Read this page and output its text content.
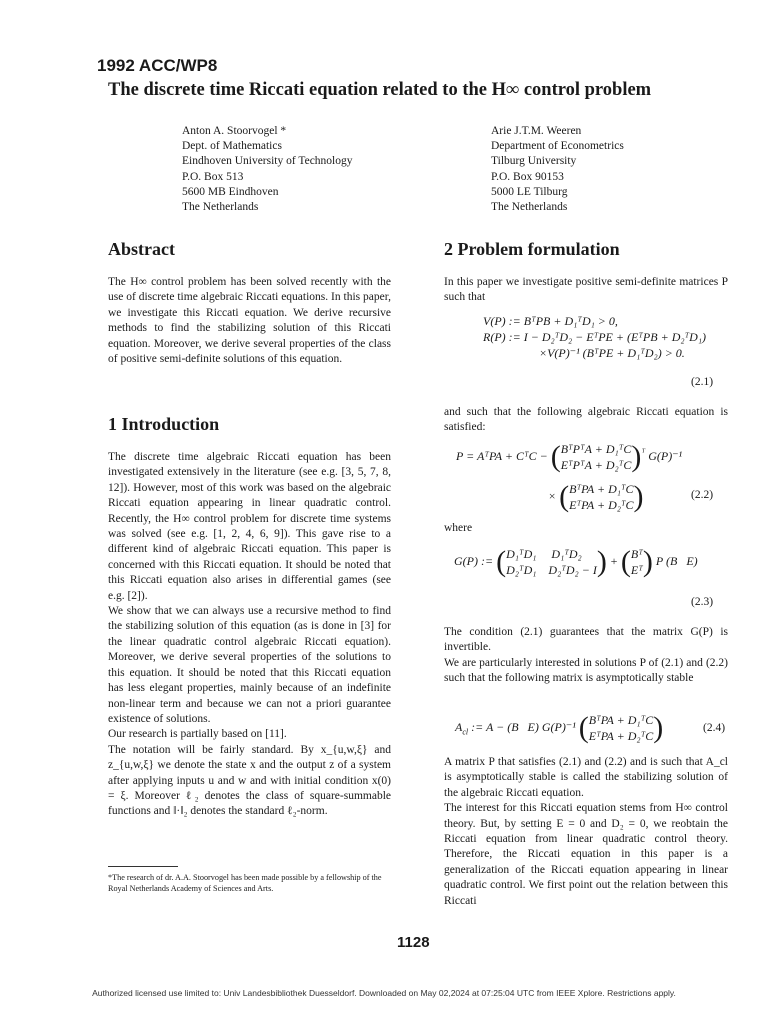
1992 ACC/WP8
The discrete time Riccati equation related to the H∞ control problem
Anton A. Stoorvogel *
Dept. of Mathematics
Eindhoven University of Technology
P.O. Box 513
5600 MB Eindhoven
The Netherlands
Arie J.T.M. Weeren
Department of Econometrics
Tilburg University
P.O. Box 90153
5000 LE Tilburg
The Netherlands
Abstract

The H∞ control problem has been solved recently with the use of discrete time algebraic Riccati equations. In this paper, we investigate this Riccati equation. We derive recursive methods to find the stabilizing solution of this Riccati equation. Moreover, we derive several properties of the class of positive semi-definite solutions of this equation.

1 Introduction

The discrete time algebraic Riccati equation has been investigated extensively in the literature (see e.g. [3, 5, 7, 8, 12]). However, most of this work was based on the algebraic Riccati equation appearing in linear quadratic control. Recently, the H∞ control problem for discrete time systems was solved (see e.g. [1, 2, 4, 6, 9]). This gave rise to a different kind of algebraic Riccati equation. This paper is concerned with this Riccati equation. It should be noted that this Riccati equation also arises in differential games (see e.g. [2]).

We show that we can always use a recursive method to find the stabilizing solution of this equation (as is done in [3] for the linear quadratic control algebraic Riccati equation). Moreover, we derive several properties of the solutions to this equation. It should be noted that this Riccati equation has less elegant properties, mainly because of an indefinite non-linear term and because we can not a priori guarantee existence of solutions.

Our research is partially based on [11].

The notation will be fairly standard. By x_{u,w,ξ} and z_{u,w,ξ} we denote the state x and the output z of a system after applying inputs u and w and with initial condition x(0) = ξ. Moreover ℓ₂ denotes the class of square-summable functions and ‖·‖₂ denotes the standard ℓ₂-norm.

*The research of dr. A.A. Stoorvogel has been made possible by a fellowship of the Royal Netherlands Academy of Sciences and Arts.
2 Problem formulation

In this paper we investigate positive semi-definite matrices P such that

V(P) := BᵀPB + D₁ᵀD₁ > 0,
R(P) := I − D₂ᵀD₂ − EᵀPE + (EᵀPB + D₂ᵀD₁)
×V(P)⁻¹ (BᵀPE + D₁ᵀD₂) > 0.
(2.1)

and such that the following algebraic Riccati equation is satisfied:

P = AᵀPA + CᵀC − ( BᵀPᵀA + D₁ᵀC
EᵀPᵀA + D₂ᵀC )$^ᵀ$ G(P)⁻¹
× ( BᵀPA + D₁ᵀC
EᵀPA + D₂ᵀC )	(2.2)

where

G(P) := ( D₁ᵀD₁     D₁ᵀD₂
D₂ᵀD₁    D₂ᵀD₂ − I ) + ( Bᵀ
Eᵀ ) P (B   E)
(2.3)

The condition (2.1) guarantees that the matrix G(P) is invertible.

We are particularly interested in solutions P of (2.1) and (2.2) such that the following matrix is asymptotically stable

$A_{cl}$ := A − (B   E) G(P)⁻¹ ( BᵀPA + D₁ᵀC
EᵀPA + D₂ᵀC )	(2.4)

A matrix P that satisfies (2.1) and (2.2) and is such that A_cl is asymptotically stable is called the stabilizing solution of the algebraic Riccati equation.

The interest for this Riccati equation stems from H∞ control theory. But, by setting E = 0 and D₂ = 0, we reobtain the Riccati equation from linear quadratic control theory. Therefore, the Riccati equation in this paper is a generalization of the Riccati equation appearing in linear quadratic control. We first point out the relation between this Riccati

1128
Authorized licensed use limited to: Univ Landesbibliothek Duesseldorf. Downloaded on May 02,2024 at 07:25:04 UTC from IEEE Xplore. Restrictions apply.
